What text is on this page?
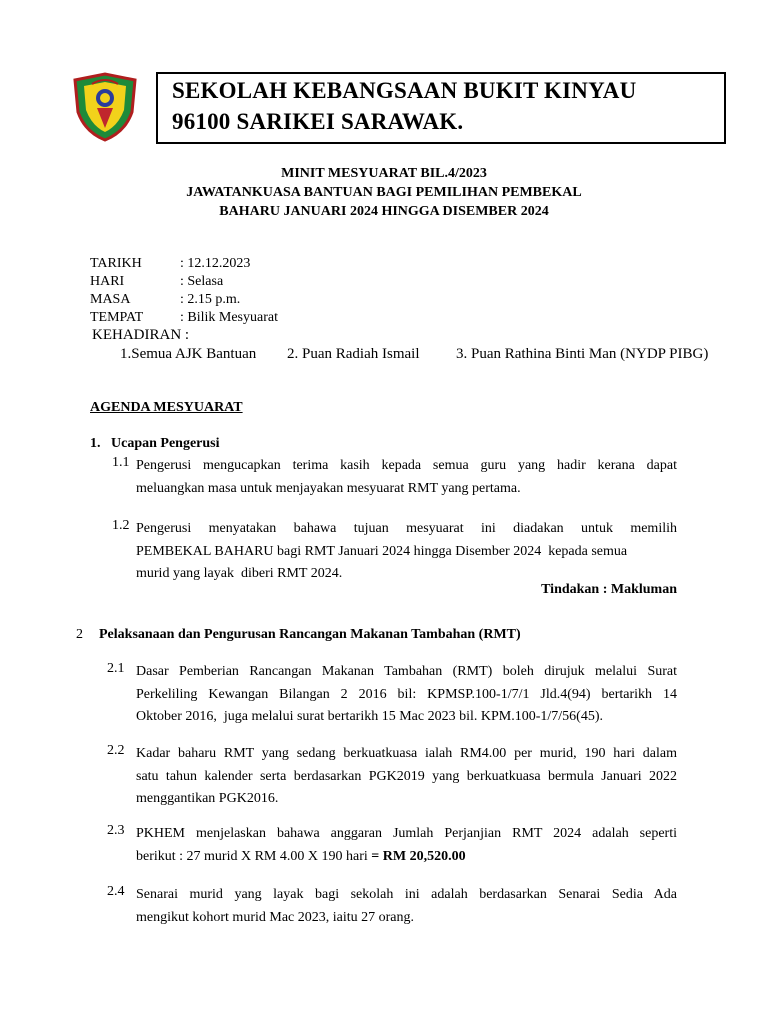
SEKOLAH KEBANGSAAN BUKIT KINYAU
96100 SARIKEI SARAWAK.
MINIT MESYUARAT BIL.4/2023
JAWATANKUASA BANTUAN BAGI PEMILIHAN PEMBEKAL
BAHARU JANUARI 2024 HINGGA DISEMBER 2024
TARIKH	: 12.12.2023
HARI	: Selasa
MASA	: 2.15 p.m.
TEMPAT	: Bilik Mesyuarat
KEHADIRAN :
1.Semua AJK Bantuan 2. Puan Radiah Ismail 3. Puan Rathina Binti Man (NYDP PIBG)
AGENDA MESYUARAT
1.   Ucapan Pengerusi
1.1 Pengerusi mengucapkan terima kasih kepada semua guru yang hadir kerana dapat
meluangkan masa untuk menjayakan mesyuarat RMT yang pertama.
1.2 Pengerusi menyatakan bahawa tujuan mesyuarat ini diadakan untuk memilih
PEMBEKAL BAHARU bagi RMT Januari 2024 hingga Disember 2024  kepada semua
murid yang layak  diberi RMT 2024.
Tindakan : Makluman
2 Pelaksanaan dan Pengurusan Rancangan Makanan Tambahan (RMT)
2.1 Dasar Pemberian Rancangan Makanan Tambahan (RMT) boleh dirujuk melalui Surat
Perkeliling Kewangan Bilangan 2 2016 bil: KPMSP.100-1/7/1 Jld.4(94) bertarikh 14
Oktober 2016,  juga melalui surat bertarikh 15 Mac 2023 bil. KPM.100-1/7/56(45).
2.2 Kadar baharu RMT yang sedang berkuatkuasa ialah RM4.00 per murid, 190 hari dalam
satu tahun kalender serta berdasarkan PGK2019 yang berkuatkuasa bermula Januari 2022
menggantikan PGK2016.
2.3 PKHEM menjelaskan bahawa anggaran Jumlah Perjanjian RMT 2024 adalah seperti
berikut : 27 murid X RM 4.00 X 190 hari = RM 20,520.00
2.4 Senarai murid yang layak bagi sekolah ini adalah berdasarkan Senarai Sedia Ada
mengikut kohort murid Mac 2023, iaitu 27 orang.
